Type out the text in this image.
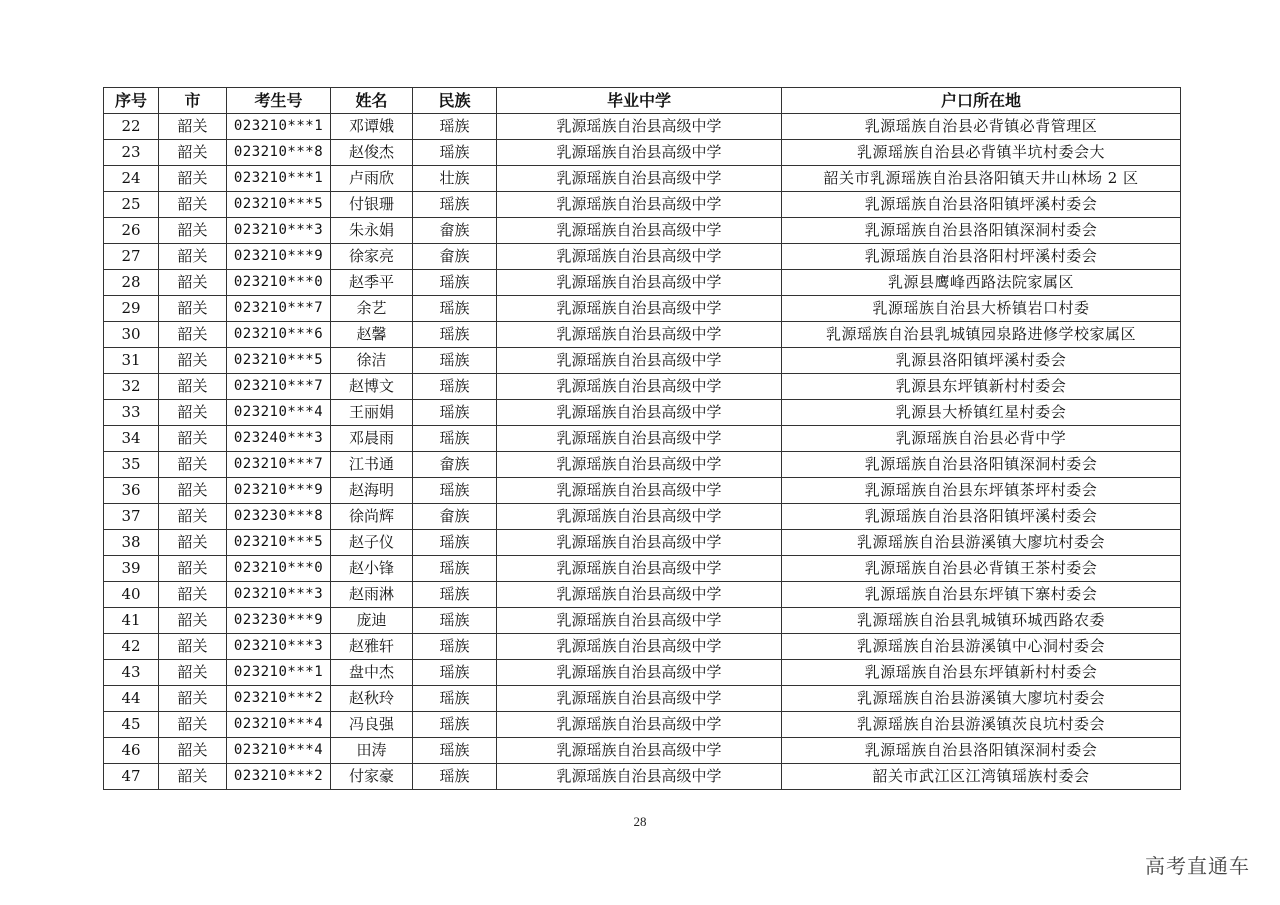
序号	市	考生号	姓名	民族	毕业中学	户口所在地
22	韶关	023210***1	邓谭娥	瑶族	乳源瑶族自治县高级中学	乳源瑶族自治县必背镇必背管理区
23	韶关	023210***8	赵俊杰	瑶族	乳源瑶族自治县高级中学	乳源瑶族自治县必背镇半坑村委会大
24	韶关	023210***1	卢雨欣	壮族	乳源瑶族自治县高级中学	韶关市乳源瑶族自治县洛阳镇天井山林场 2 区
25	韶关	023210***5	付银珊	瑶族	乳源瑶族自治县高级中学	乳源瑶族自治县洛阳镇坪溪村委会
26	韶关	023210***3	朱永娟	畲族	乳源瑶族自治县高级中学	乳源瑶族自治县洛阳镇深洞村委会
27	韶关	023210***9	徐家亮	畲族	乳源瑶族自治县高级中学	乳源瑶族自治县洛阳村坪溪村委会
28	韶关	023210***0	赵季平	瑶族	乳源瑶族自治县高级中学	乳源县鹰峰西路法院家属区
29	韶关	023210***7	余艺	瑶族	乳源瑶族自治县高级中学	乳源瑶族自治县大桥镇岩口村委
30	韶关	023210***6	赵馨	瑶族	乳源瑶族自治县高级中学	乳源瑶族自治县乳城镇园泉路进修学校家属区
31	韶关	023210***5	徐洁	瑶族	乳源瑶族自治县高级中学	乳源县洛阳镇坪溪村委会
32	韶关	023210***7	赵博文	瑶族	乳源瑶族自治县高级中学	乳源县东坪镇新村村委会
33	韶关	023210***4	王丽娟	瑶族	乳源瑶族自治县高级中学	乳源县大桥镇红星村委会
34	韶关	023240***3	邓晨雨	瑶族	乳源瑶族自治县高级中学	乳源瑶族自治县必背中学
35	韶关	023210***7	江书通	畲族	乳源瑶族自治县高级中学	乳源瑶族自治县洛阳镇深洞村委会
36	韶关	023210***9	赵海明	瑶族	乳源瑶族自治县高级中学	乳源瑶族自治县东坪镇茶坪村委会
37	韶关	023230***8	徐尚辉	畲族	乳源瑶族自治县高级中学	乳源瑶族自治县洛阳镇坪溪村委会
38	韶关	023210***5	赵子仪	瑶族	乳源瑶族自治县高级中学	乳源瑶族自治县游溪镇大廖坑村委会
39	韶关	023210***0	赵小锋	瑶族	乳源瑶族自治县高级中学	乳源瑶族自治县必背镇王茶村委会
40	韶关	023210***3	赵雨淋	瑶族	乳源瑶族自治县高级中学	乳源瑶族自治县东坪镇下寨村委会
41	韶关	023230***9	庞迪	瑶族	乳源瑶族自治县高级中学	乳源瑶族自治县乳城镇环城西路农委
42	韶关	023210***3	赵雅轩	瑶族	乳源瑶族自治县高级中学	乳源瑶族自治县游溪镇中心洞村委会
43	韶关	023210***1	盘中杰	瑶族	乳源瑶族自治县高级中学	乳源瑶族自治县东坪镇新村村委会
44	韶关	023210***2	赵秋玲	瑶族	乳源瑶族自治县高级中学	乳源瑶族自治县游溪镇大廖坑村委会
45	韶关	023210***4	冯良强	瑶族	乳源瑶族自治县高级中学	乳源瑶族自治县游溪镇茨良坑村委会
46	韶关	023210***4	田涛	瑶族	乳源瑶族自治县高级中学	乳源瑶族自治县洛阳镇深洞村委会
47	韶关	023210***2	付家豪	瑶族	乳源瑶族自治县高级中学	韶关市武江区江湾镇瑶族村委会
28
高考直通车
